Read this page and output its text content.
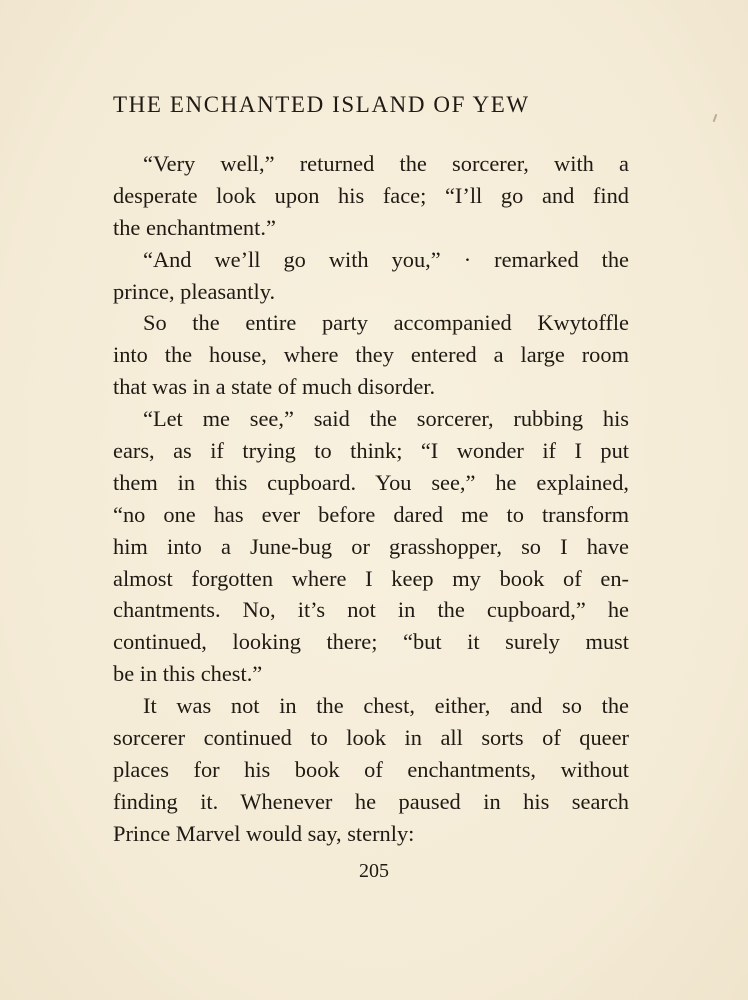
THE ENCHANTED ISLAND OF YEW
“Very well,” returned the sorcerer, with a
desperate look upon his face; “I’ll go and find
the enchantment.”
“And we’ll go with you,” · remarked the
prince, pleasantly.
So the entire party accompanied Kwytoffle
into the house, where they entered a large room
that was in a state of much disorder.
“Let me see,” said the sorcerer, rubbing his
ears, as if trying to think; “I wonder if I put
them in this cupboard. You see,” he explained,
“no one has ever before dared me to transform
him into a June-bug or grasshopper, so I have
almost forgotten where I keep my book of en-
chantments. No, it’s not in the cupboard,” he
continued, looking there; “but it surely must
be in this chest.”
It was not in the chest, either, and so the
sorcerer continued to look in all sorts of queer
places for his book of enchantments, without
finding it. Whenever he paused in his search
Prince Marvel would say, sternly:
205
